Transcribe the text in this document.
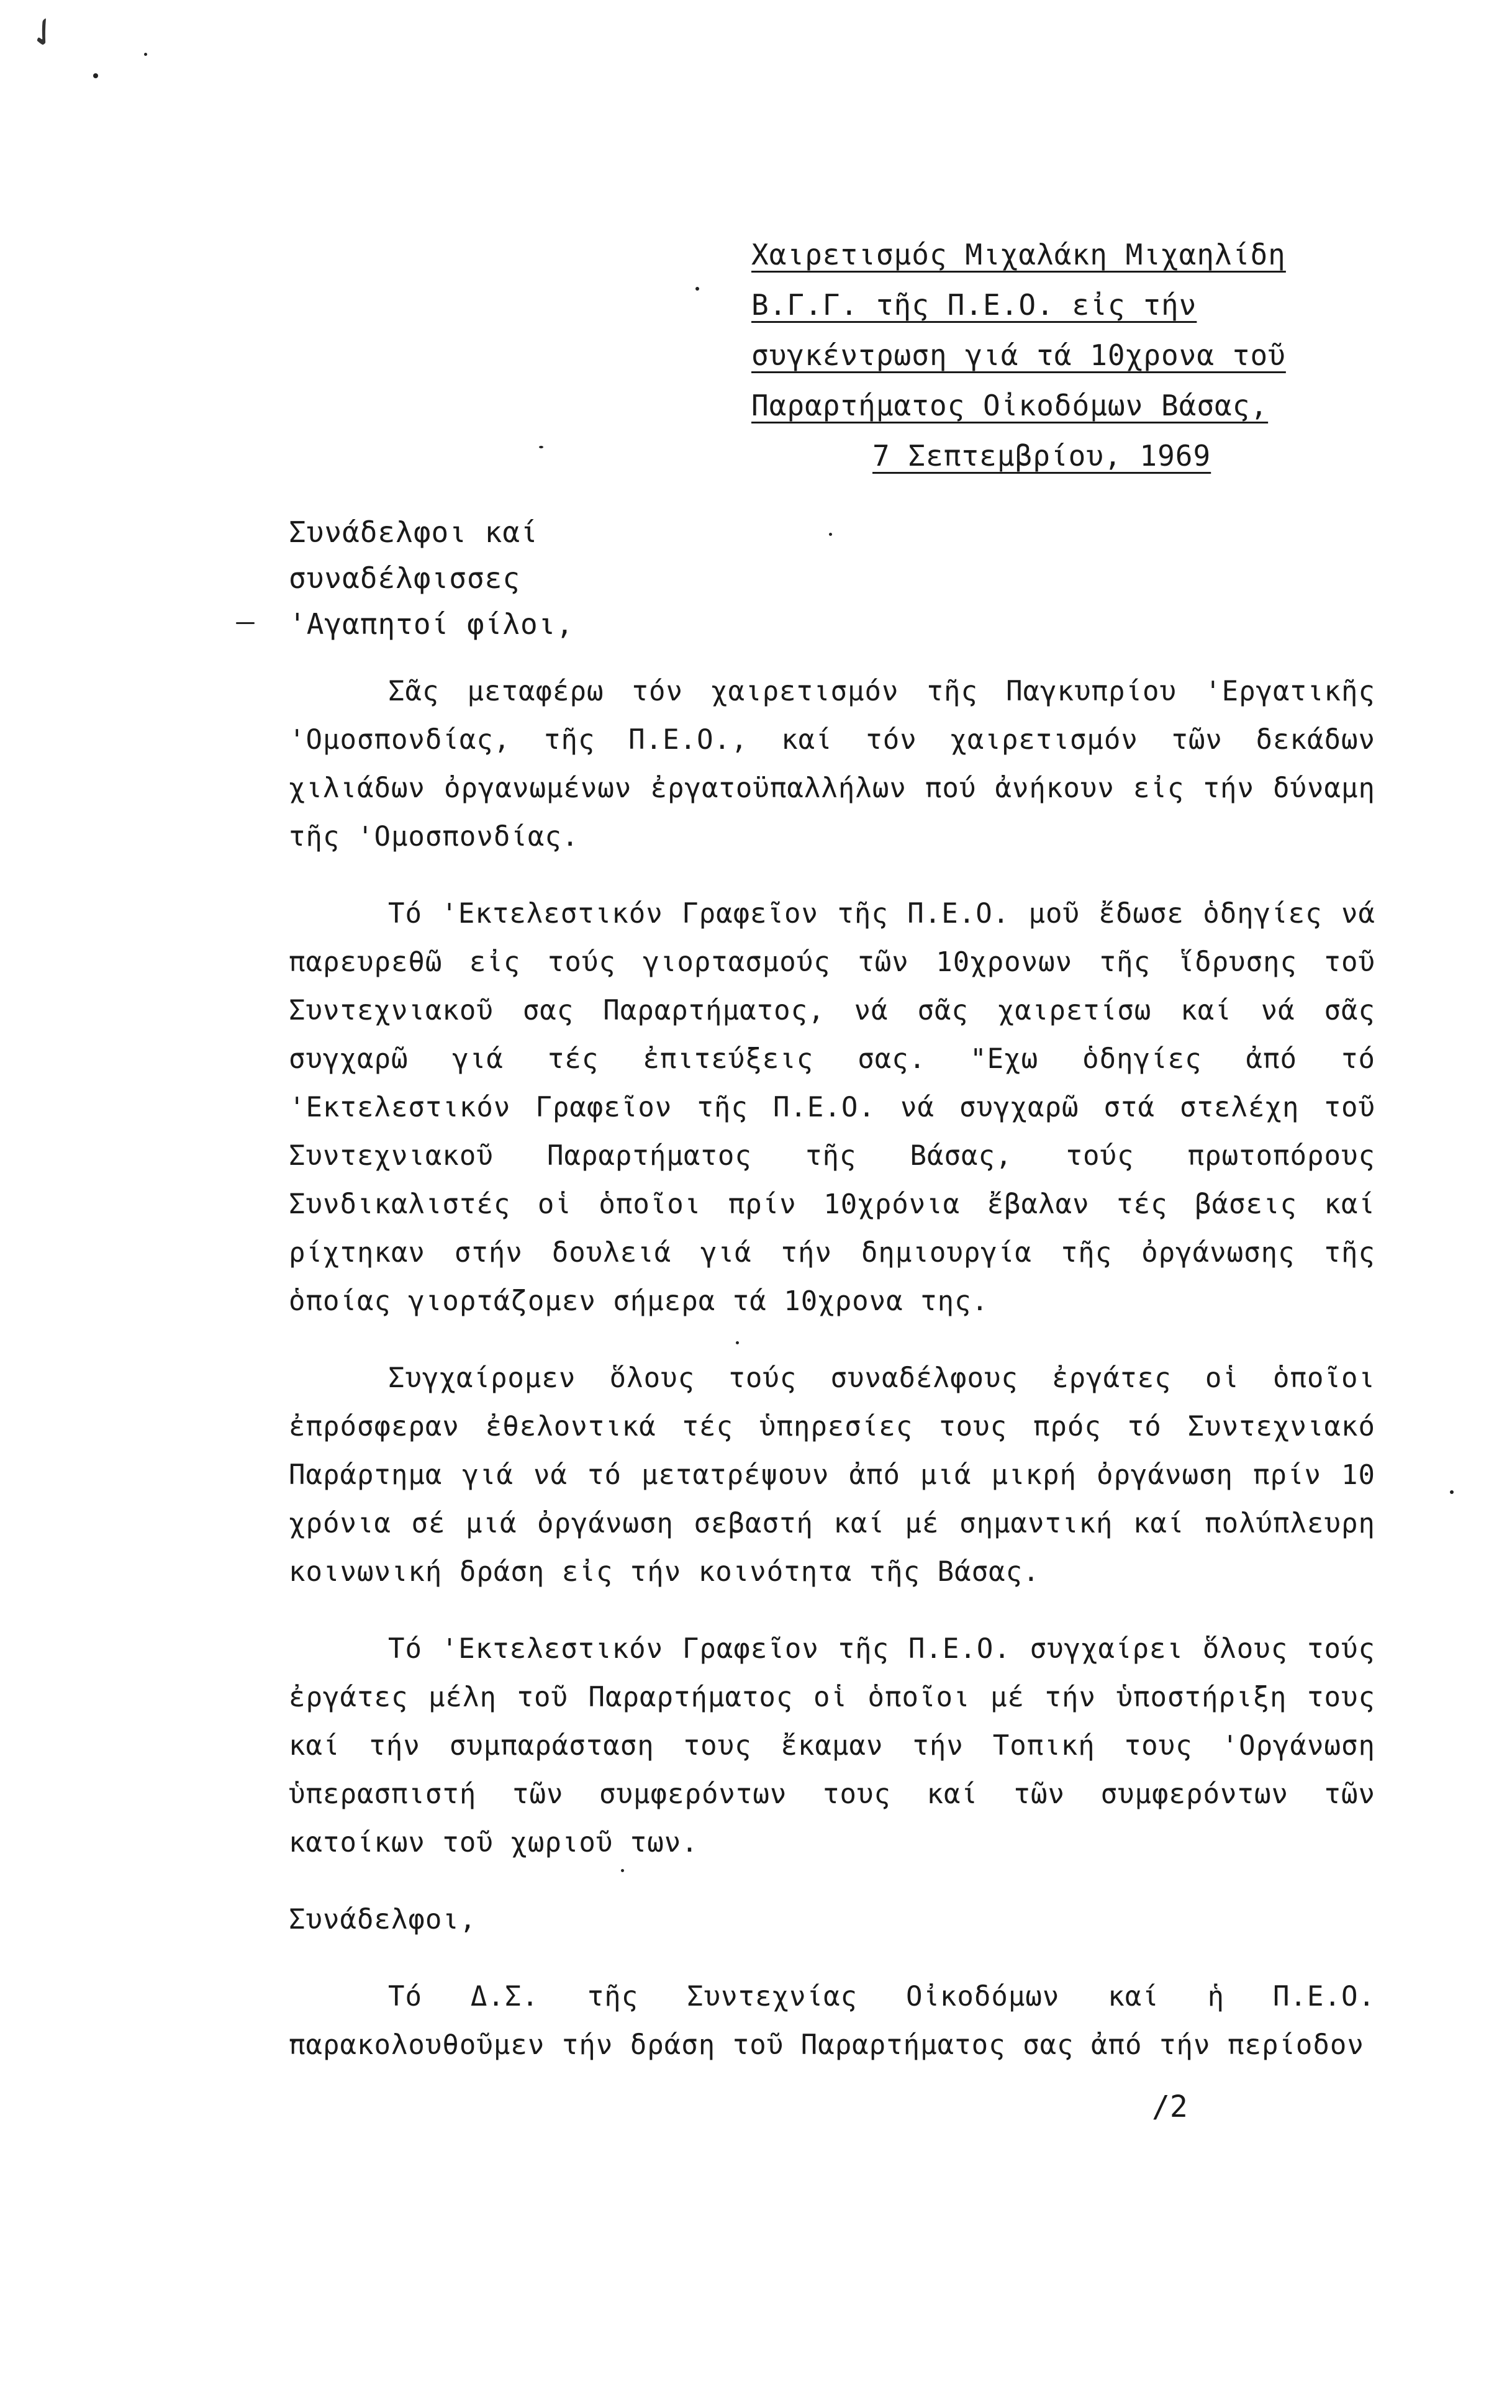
✓
Χαιρετισμός Μιχαλάκη Μιχαηλίδη
Β.Γ.Γ. τῆς Π.Ε.Ο. εἰς τήν
συγκέντρωση γιά τά 10χρονα τοῦ
Παραρτήματος Οἰκοδόμων Βάσας,
7 Σεπτεμβρίου, 1969
Συνάδελφοι καί
συναδέλφισσες
'Αγαπητοί φίλοι,

Σᾶς μεταφέρω τόν χαιρετισμόν τῆς Παγκυπρίου 'Εργατικῆς 'Ομοσπονδίας, τῆς Π.Ε.Ο., καί τόν χαιρετισμόν τῶν δεκάδων χιλιάδων ὀργανωμένων ἐργατοϋπαλλήλων πού ἀνήκουν εἰς τήν δύναμη τῆς 'Ομοσπονδίας.

Τό 'Εκτελεστικόν Γραφεῖον τῆς Π.Ε.Ο. μοῦ ἔδωσε ὁδηγίες νά παρευρεθῶ εἰς τούς γιορτασμούς τῶν 10χρονων τῆς ἵδρυσης τοῦ Συντεχνιακοῦ σας Παραρτήματος, νά σᾶς χαιρετίσω καί νά σᾶς συγχαρῶ γιά τές ἐπιτεύξεις σας. "Εχω ὁδηγίες ἀπό τό 'Εκτελεστικόν Γραφεῖον τῆς Π.Ε.Ο. νά συγχαρῶ στά στελέχη τοῦ Συντεχνιακοῦ Παραρτήματος τῆς Βάσας, τούς πρωτοπόρους Συνδικαλιστές οἱ ὁποῖοι πρίν 10χρόνια ἔβαλαν τές βάσεις καί ρίχτηκαν στήν δουλειά γιά τήν δημιουργία τῆς ὀργάνωσης τῆς ὁποίας γιορτάζομεν σήμερα τά 10χρονα της.

Συγχαίρομεν ὅλους τούς συναδέλφους ἐργάτες οἱ ὁποῖοι ἐπρόσφεραν ἐθελοντικά τές ὑπηρεσίες τους πρός τό Συντεχνιακό Παράρτημα γιά νά τό μετατρέψουν ἀπό μιά μικρή ὀργάνωση πρίν 10 χρόνια σέ μιά ὀργάνωση σεβαστή καί μέ σημαντική καί πολύπλευρη κοινωνική δράση εἰς τήν κοινότητα τῆς Βάσας.

Τό 'Εκτελεστικόν Γραφεῖον τῆς Π.Ε.Ο. συγχαίρει ὅλους τούς ἐργάτες μέλη τοῦ Παραρτήματος οἱ ὁποῖοι μέ τήν ὑποστήριξη τους καί τήν συμπαράσταση τους ἔκαμαν τήν Τοπική τους 'Οργάνωση ὑπερασπιστή τῶν συμφερόντων τους καί τῶν συμφερόντων τῶν κατοίκων τοῦ χωριοῦ των.

Συνάδελφοι,

Τό Δ.Σ. τῆς Συντεχνίας Οἰκοδόμων καί ἡ Π.Ε.Ο. παρακολουθοῦμεν τήν δράση τοῦ Παραρτήματος σας ἀπό τήν περίοδον

/2
